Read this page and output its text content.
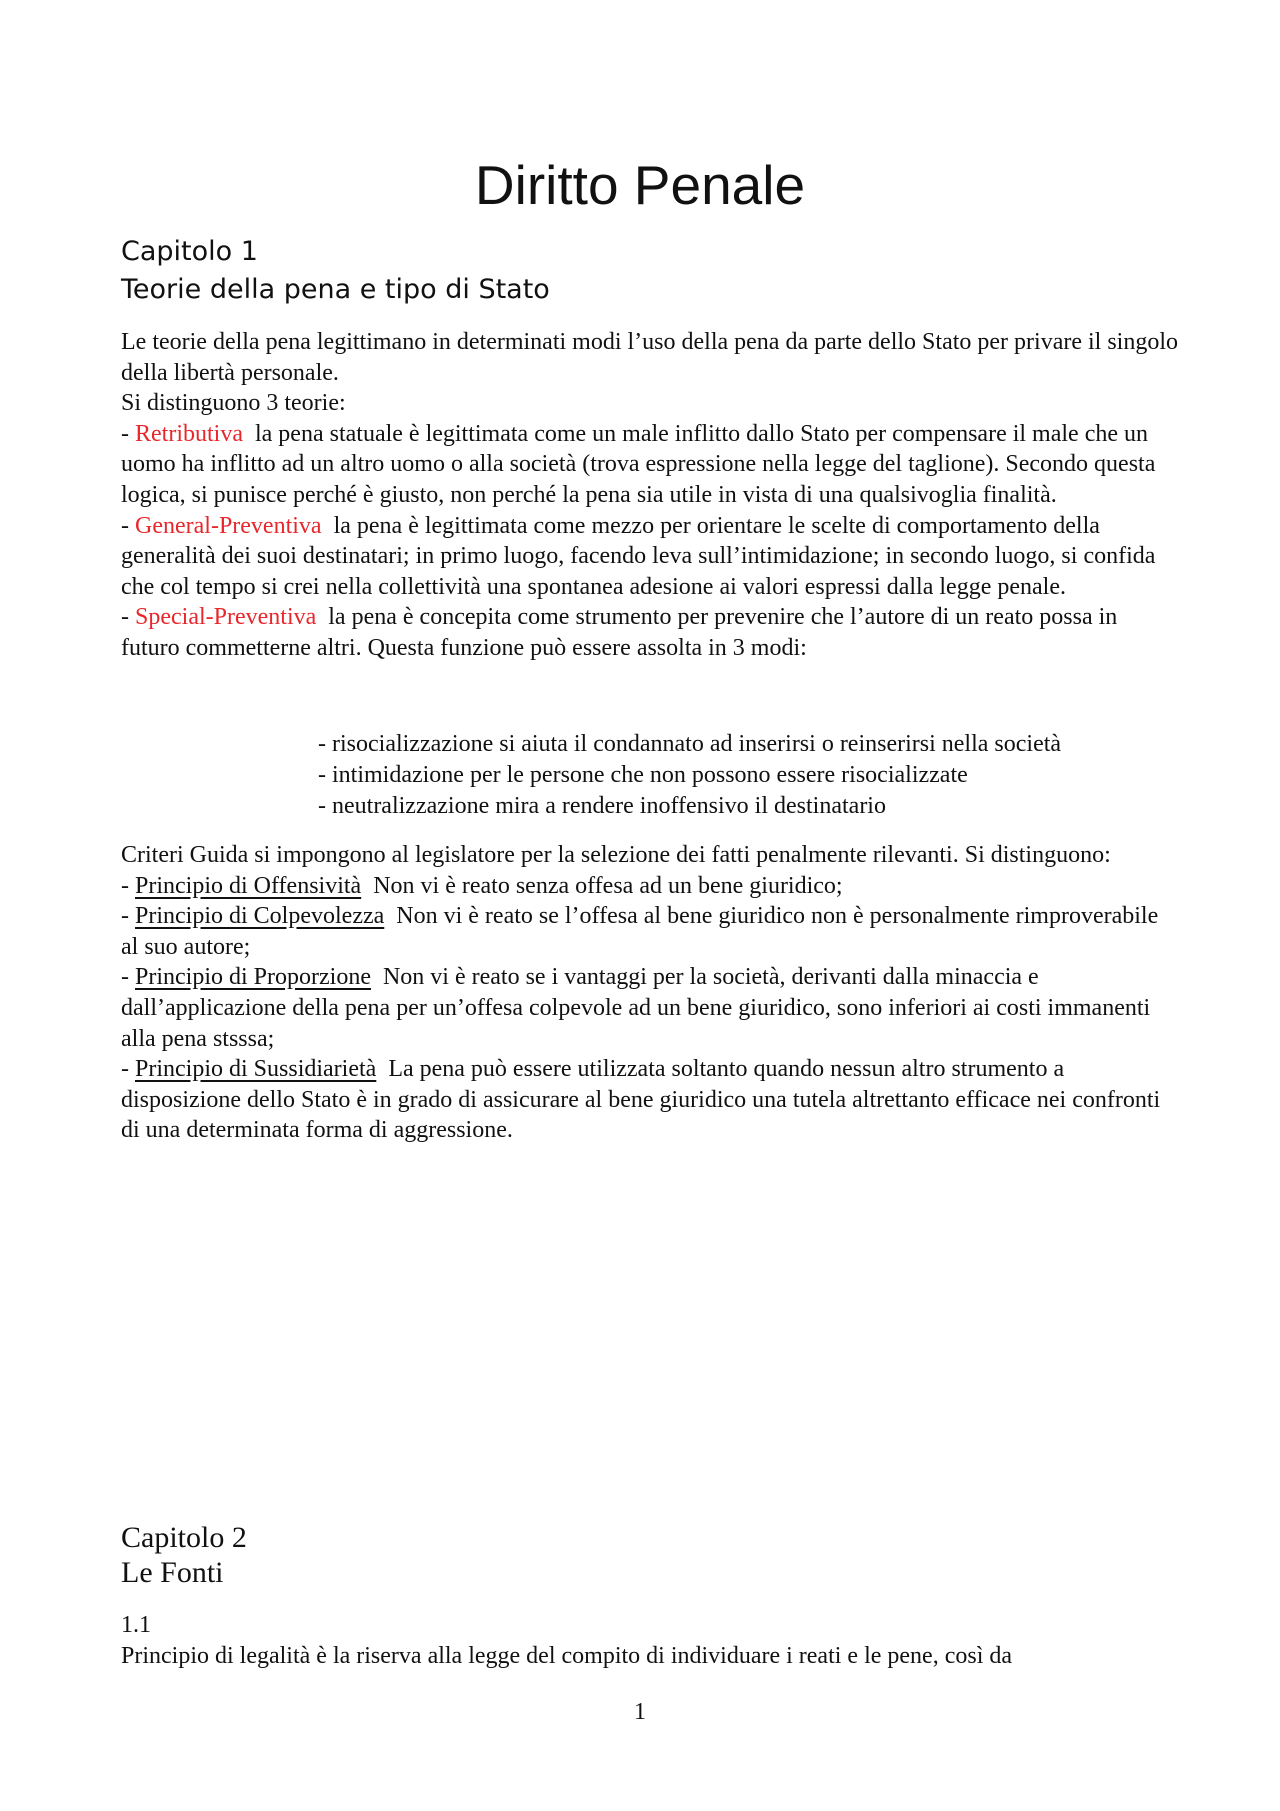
Diritto Penale
Capitolo 1
Teorie della pena e tipo di Stato

Le teorie della pena legittimano in determinati modi l’uso della pena da parte dello Stato per privare il singolo della libertà personale.

Si distinguono 3 teorie:

- Retributiva la pena statuale è legittimata come un male inflitto dallo Stato per compensare il male che un uomo ha inflitto ad un altro uomo o alla società (trova espressione nella legge del taglione). Secondo questa logica, si punisce perché è giusto, non perché la pena sia utile in vista di una qualsivoglia finalità.

- General-Preventiva la pena è legittimata come mezzo per orientare le scelte di comportamento della generalità dei suoi destinatari; in primo luogo, facendo leva sull’intimidazione; in secondo luogo, si confida che col tempo si crei nella collettività una spontanea adesione ai valori espressi dalla legge penale.

- Special-Preventiva la pena è concepita come strumento per prevenire che l’autore di un reato possa in futuro commetterne altri. Questa funzione può essere assolta in 3 modi:

- risocializzazione si aiuta il condannato ad inserirsi o reinserirsi nella società
- intimidazione per le persone che non possono essere risocializzate
- neutralizzazione mira a rendere inoffensivo il destinatario

Criteri Guida si impongono al legislatore per la selezione dei fatti penalmente rilevanti. Si distinguono:

- Principio di Offensività Non vi è reato senza offesa ad un bene giuridico;

- Principio di Colpevolezza Non vi è reato se l’offesa al bene giuridico non è personalmente rimproverabile al suo autore;

- Principio di Proporzione Non vi è reato se i vantaggi per la società, derivanti dalla minaccia e dall’applicazione della pena per un’offesa colpevole ad un bene giuridico, sono inferiori ai costi immanenti alla pena stsssa;

- Principio di Sussidiarietà La pena può essere utilizzata soltanto quando nessun altro strumento a disposizione dello Stato è in grado di assicurare al bene giuridico una tutela altrettanto efficace nei confronti di una determinata forma di aggressione.

Capitolo 2
Le Fonti
1.1
Principio di legalità è la riserva alla legge del compito di individuare i reati e le pene, così da
1
